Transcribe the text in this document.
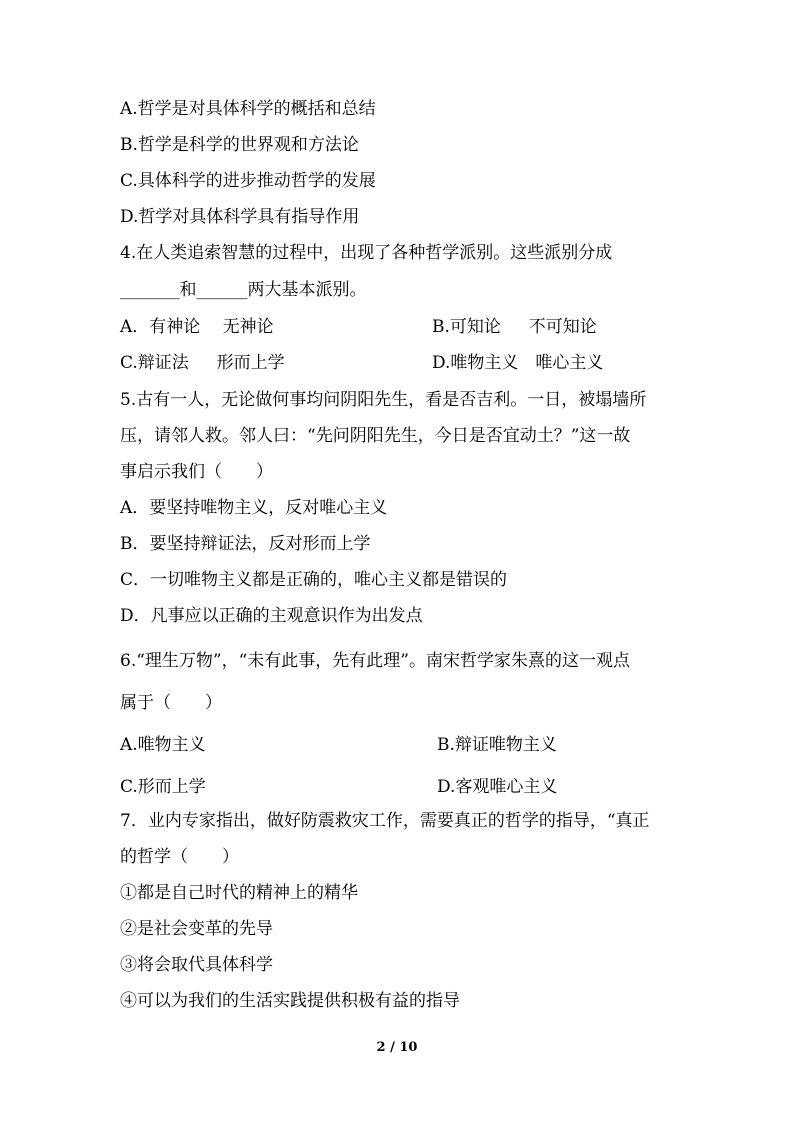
A.哲学是对具体科学的概括和总结
B.哲学是科学的世界观和方法论
C.具体科学的进步推动哲学的发展
D.哲学对具体科学具有指导作用
4.在人类追索智慧的过程中，出现了各种哲学派别。这些派别分成
_______和______两大基本派别。
A．有神论　 无神论	B.可知论　  不可知论
C.辩证法　  形而上学	D.唯物主义　唯心主义
5.古有一人，无论做何事均问阴阳先生，看是否吉利。一日，被塌墙所
压，请邻人救。邻人曰：“先问阴阳先生，今日是否宜动土？”这一故
事启示我们（　　）
A．要坚持唯物主义，反对唯心主义
B．要坚持辩证法，反对形而上学
C．一切唯物主义都是正确的，唯心主义都是错误的
D．凡事应以正确的主观意识作为出发点
6.“理生万物”，“未有此事，先有此理”。南宋哲学家朱熹的这一观点
属于（　　）
A.唯物主义	B.辩证唯物主义
C.形而上学	D.客观唯心主义
7．业内专家指出，做好防震救灾工作，需要真正的哲学的指导，“真正
的哲学（　　）
①都是自己时代的精神上的精华
②是社会变革的先导
③将会取代具体科学
④可以为我们的生活实践提供积极有益的指导
2 / 10
